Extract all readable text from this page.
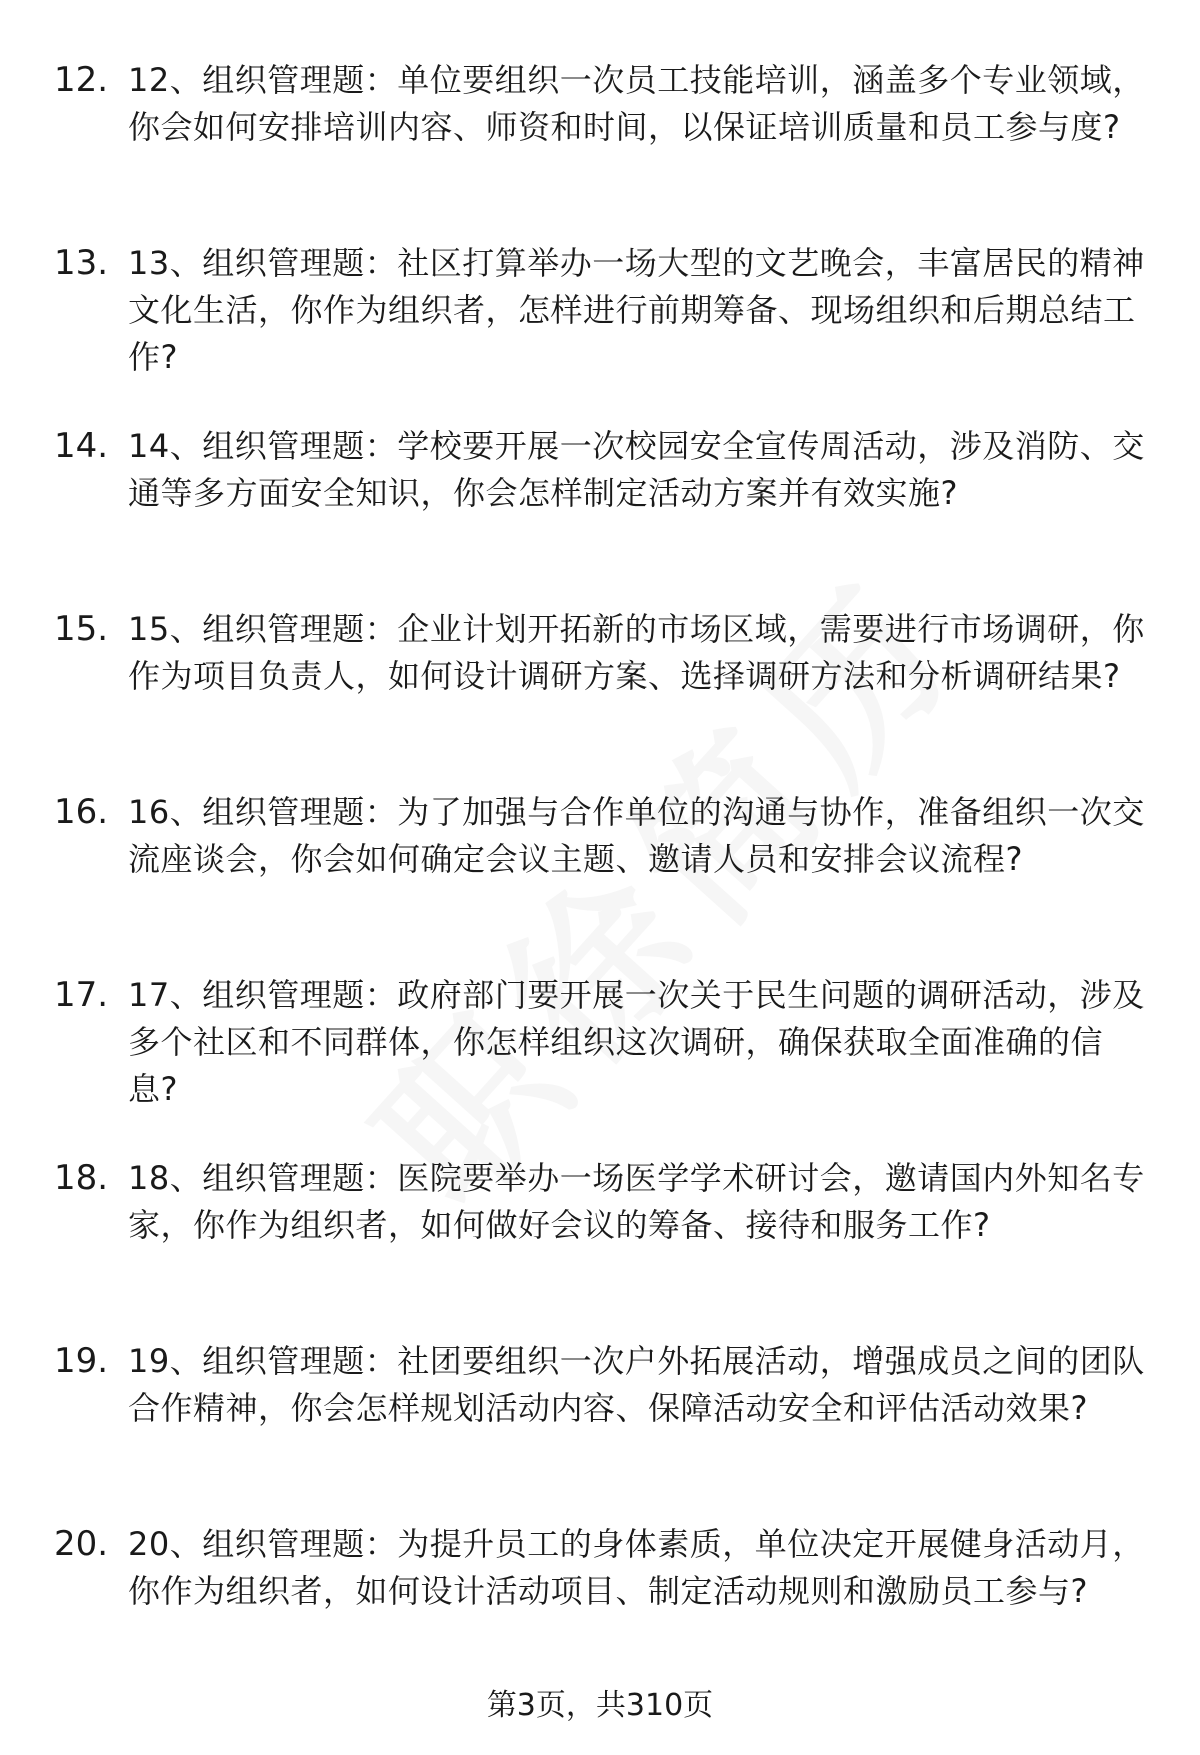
12. 12、组织管理题：单位要组织一次员工技能培训，涵盖多个专业领域，你会如何安排培训内容、师资和时间，以保证培训质量和员工参与度?
13. 13、组织管理题：社区打算举办一场大型的文艺晚会，丰富居民的精神文化生活，你作为组织者，怎样进行前期筹备、现场组织和后期总结工作?
14. 14、组织管理题：学校要开展一次校园安全宣传周活动，涉及消防、交通等多方面安全知识，你会怎样制定活动方案并有效实施?
15. 15、组织管理题：企业计划开拓新的市场区域，需要进行市场调研，你作为项目负责人，如何设计调研方案、选择调研方法和分析调研结果?
16. 16、组织管理题：为了加强与合作单位的沟通与协作，准备组织一次交流座谈会，你会如何确定会议主题、邀请人员和安排会议流程?
17. 17、组织管理题：政府部门要开展一次关于民生问题的调研活动，涉及多个社区和不同群体，你怎样组织这次调研，确保获取全面准确的信息?
18. 18、组织管理题：医院要举办一场医学学术研讨会，邀请国内外知名专家，你作为组织者，如何做好会议的筹备、接待和服务工作?
19. 19、组织管理题：社团要组织一次户外拓展活动，增强成员之间的团队合作精神，你会怎样规划活动内容、保障活动安全和评估活动效果?
20. 20、组织管理题：为提升员工的身体素质，单位决定开展健身活动月，你作为组织者，如何设计活动项目、制定活动规则和激励员工参与?
第3页，共310页
